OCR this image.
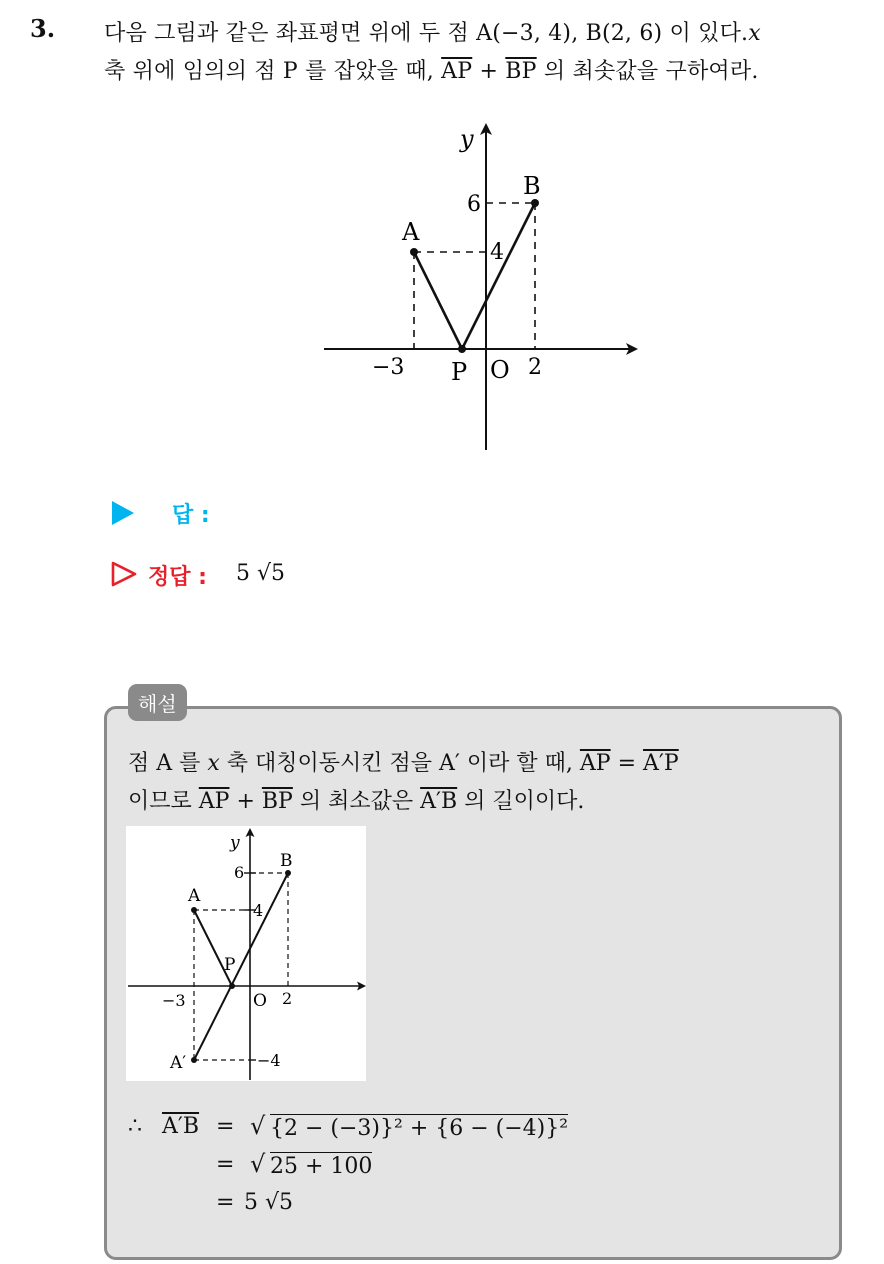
3. 다음 그림과 같은 좌표평면 위에 두 점 A(−3, 4), B(2, 6) 이 있다.x
축 위에 임의의 점 P 를 잡았을 때, $\overline{AP} + \overline{BP}$ 의 최솟값을 구하여라.
y
A
B
6
4
−3 P O 2
답 :
정답 : 5 √5
해설
점 A 를 x 축 대칭이동시킨 점을 A′ 이라 할 때, $\overline{AP} = A'P$
이므로 $\overline{AP} + \overline{BP}$ 의 최소값은 A′B 의 길이이다.
y
A
B
6
4
P
−3	O 2
A′	−4
∴ A′B = √ {2 − (−3)}² + {6 − (−4)}²
= √ 25 + 100
= 5 √5
